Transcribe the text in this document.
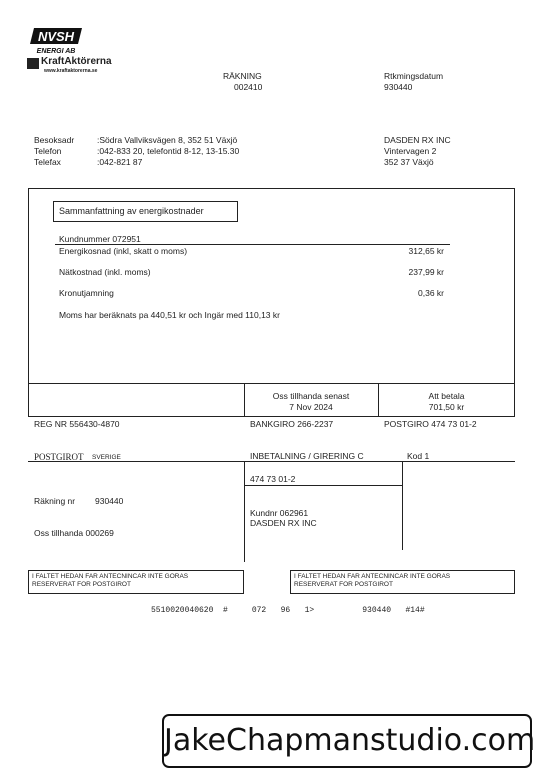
NVSH
ENERGI AB
KraftAktörerna
www.kraftaktorerna.se	RÄKNING
002410
Rtkmingsdatum
930440
Besoksadr	:Södra Vallviksvägen 8, 352 51 Växjö
Telefon	:042-833 20, telefontid 8-12, 13-15.30
Telefax	:042-821 87
DASDEN RX INC
Vintervagen 2
352 37 Växjö
Sammanfattning av energikostnader
Kundnummer 072951
Energikosnad (inkl, skatt o moms)	312,65 kr
Nätkostnad (inkl. moms)	237,99 kr
Kronutjamning	0,36 kr
Moms har beräknats pa 440,51 kr och Ingär med 110,13 kr
Oss tillhanda senast
7 Nov 2024
Att betala
701,50 kr
REG NR 556430-4870	BANKGIRO 266-2237	POSTGIRO 474 73 01-2
POSTGIROT SVERIGE	INBETALNING / GIRERING C	Kod 1
474 73 01-2
Räkning nr 930440
Oss tillhanda 000269
Kundnr 062961
DASDEN RX INC
I FALTET HEDAN FAR ANTECNINCAR INTE GORAS
RESERVERAT FOR POSTGIROT
I FALTET HEDAN FAR ANTECNINCAR INTE GORAS
RESERVERAT FOR POSTGIROT
5510020040620  #     072   96   1>          930440   #14#
JakeChapmanstudio.com
